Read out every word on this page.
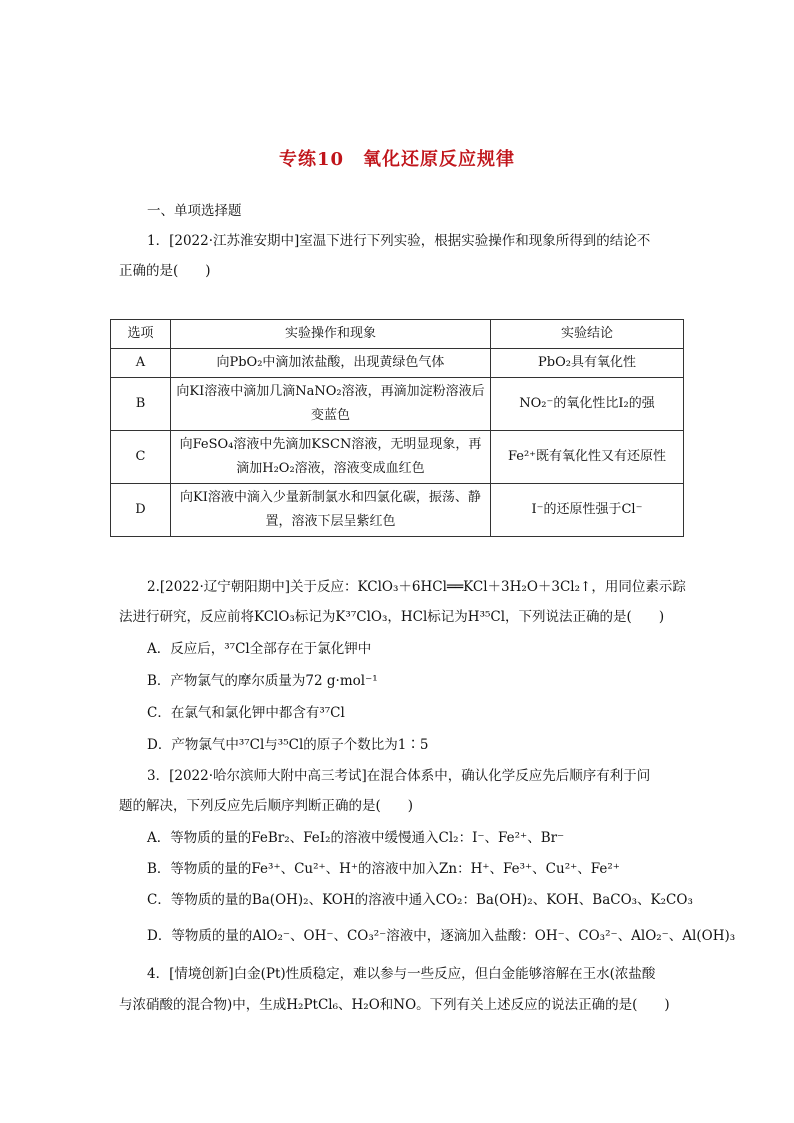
专练10　氧化还原反应规律
一、单项选择题
1．[2022·江苏淮安期中]室温下进行下列实验，根据实验操作和现象所得到的结论不
正确的是(　　)
选项	实验操作和现象	实验结论
A	向PbO₂中滴加浓盐酸，出现黄绿色气体	PbO₂具有氧化性
B	向KI溶液中滴加几滴NaNO₂溶液，再滴加淀粉溶液后变蓝色	NO₂⁻的氧化性比I₂的强
C	向FeSO₄溶液中先滴加KSCN溶液，无明显现象，再滴加H₂O₂溶液，溶液变成血红色	Fe²⁺既有氧化性又有还原性
D	向KI溶液中滴入少量新制氯水和四氯化碳，振荡、静置，溶液下层呈紫红色	I⁻的还原性强于Cl⁻
2.[2022·辽宁朝阳期中]关于反应：KClO₃＋6HCl══KCl＋3H₂O＋3Cl₂↑，用同位素示踪
法进行研究，反应前将KClO₃标记为K³⁷ClO₃，HCl标记为H³⁵Cl，下列说法正确的是(　　)
A．反应后，³⁷Cl全部存在于氯化钾中
B．产物氯气的摩尔质量为72 g·mol⁻¹
C．在氯气和氯化钾中都含有³⁷Cl
D．产物氯气中³⁷Cl与³⁵Cl的原子个数比为1∶5
3．[2022·哈尔滨师大附中高三考试]在混合体系中，确认化学反应先后顺序有利于问
题的解决，下列反应先后顺序判断正确的是(　　)
A．等物质的量的FeBr₂、FeI₂的溶液中缓慢通入Cl₂：I⁻、Fe²⁺、Br⁻
B．等物质的量的Fe³⁺、Cu²⁺、H⁺的溶液中加入Zn：H⁺、Fe³⁺、Cu²⁺、Fe²⁺
C．等物质的量的Ba(OH)₂、KOH的溶液中通入CO₂：Ba(OH)₂、KOH、BaCO₃、K₂CO₃
D．等物质的量的AlO₂⁻、OH⁻、CO₃²⁻溶液中，逐滴加入盐酸：OH⁻、CO₃²⁻、AlO₂⁻、Al(OH)₃
4．[情境创新]白金(Pt)性质稳定，难以参与一些反应，但白金能够溶解在王水(浓盐酸
与浓硝酸的混合物)中，生成H₂PtCl₆、H₂O和NO。下列有关上述反应的说法正确的是(　　)
